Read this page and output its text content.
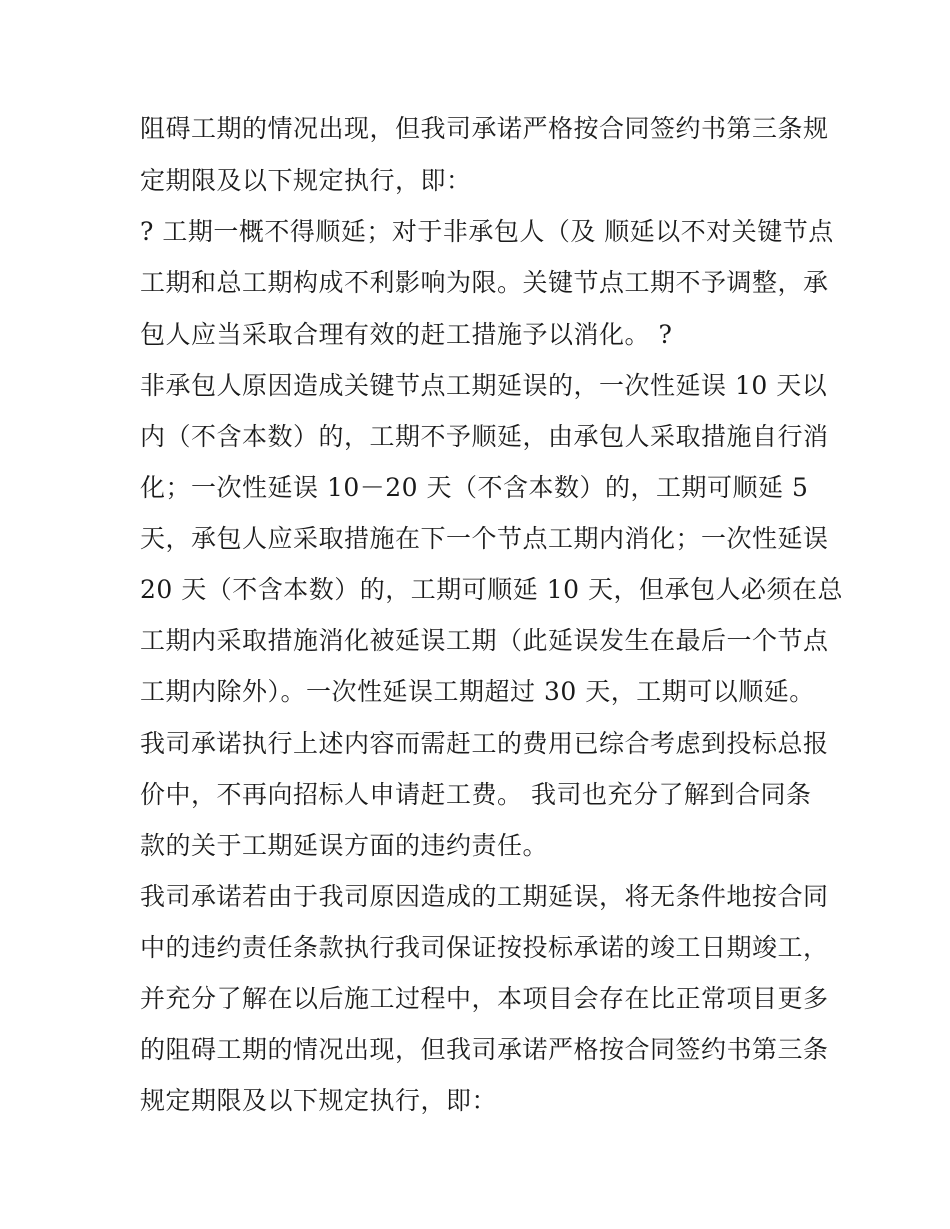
阻碍工期的情况出现，但我司承诺严格按合同签约书第三条规

定期限及以下规定执行，即：

? 工期一概不得顺延；对于非承包人（及 顺延以不对关键节点

工期和总工期构成不利影响为限。关键节点工期不予调整，承

包人应当采取合理有效的赶工措施予以消化。 ?

非承包人原因造成关键节点工期延误的，一次性延误 10 天以

内（不含本数）的，工期不予顺延，由承包人采取措施自行消

化；一次性延误 10－20 天（不含本数）的，工期可顺延 5

天，承包人应采取措施在下一个节点工期内消化；一次性延误

20 天（不含本数）的，工期可顺延 10 天，但承包人必须在总

工期内采取措施消化被延误工期（此延误发生在最后一个节点

工期内除外）。一次性延误工期超过 30 天，工期可以顺延。

我司承诺执行上述内容而需赶工的费用已综合考虑到投标总报

价中，不再向招标人申请赶工费。 我司也充分了解到合同条

款的关于工期延误方面的违约责任。

我司承诺若由于我司原因造成的工期延误，将无条件地按合同

中的违约责任条款执行我司保证按投标承诺的竣工日期竣工，

并充分了解在以后施工过程中，本项目会存在比正常项目更多

的阻碍工期的情况出现，但我司承诺严格按合同签约书第三条

规定期限及以下规定执行，即：
